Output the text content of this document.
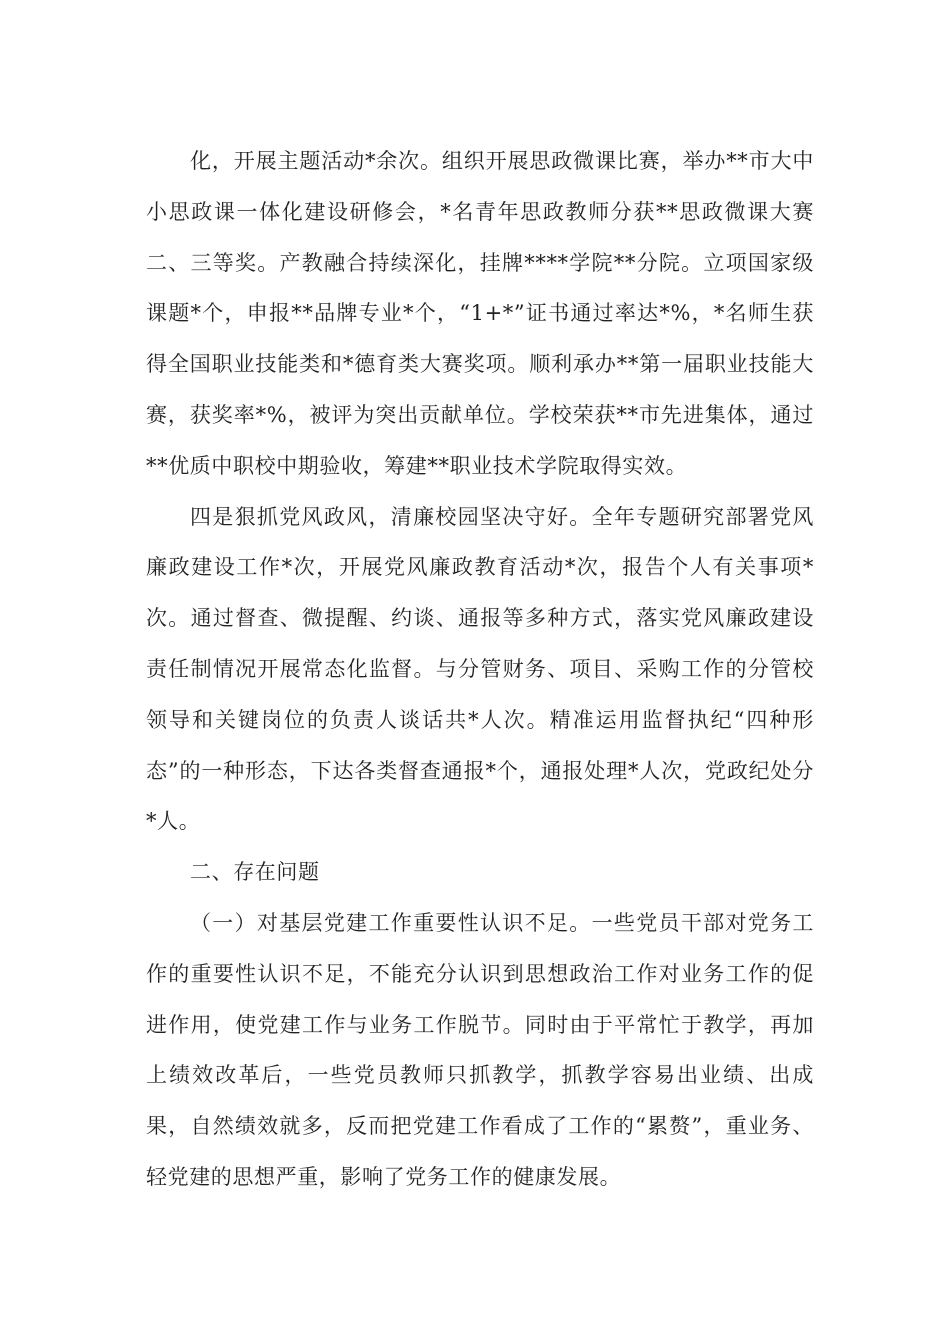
化，开展主题活动*余次。组织开展思政微课比赛，举办**市大中小思政课一体化建设研修会，*名青年思政教师分获**思政微课大赛二、三等奖。产教融合持续深化，挂牌****学院**分院。立项国家级课题*个，申报**品牌专业*个，“1+*”证书通过率达*%，*名师生获得全国职业技能类和*德育类大赛奖项。顺利承办**第一届职业技能大赛，获奖率*%，被评为突出贡献单位。学校荣获**市先进集体，通过**优质中职校中期验收，筹建**职业技术学院取得实效。

四是狠抓党风政风，清廉校园坚决守好。全年专题研究部署党风廉政建设工作*次，开展党风廉政教育活动*次，报告个人有关事项*次。通过督查、微提醒、约谈、通报等多种方式，落实党风廉政建设责任制情况开展常态化监督。与分管财务、项目、采购工作的分管校领导和关键岗位的负责人谈话共*人次。精准运用监督执纪“四种形态”的一种形态，下达各类督查通报*个，通报处理*人次，党政纪处分*人。

二、存在问题

（一）对基层党建工作重要性认识不足。一些党员干部对党务工作的重要性认识不足，不能充分认识到思想政治工作对业务工作的促进作用，使党建工作与业务工作脱节。同时由于平常忙于教学，再加上绩效改革后，一些党员教师只抓教学，抓教学容易出业绩、出成果，自然绩效就多，反而把党建工作看成了工作的“累赘”，重业务、轻党建的思想严重，影响了党务工作的健康发展。
